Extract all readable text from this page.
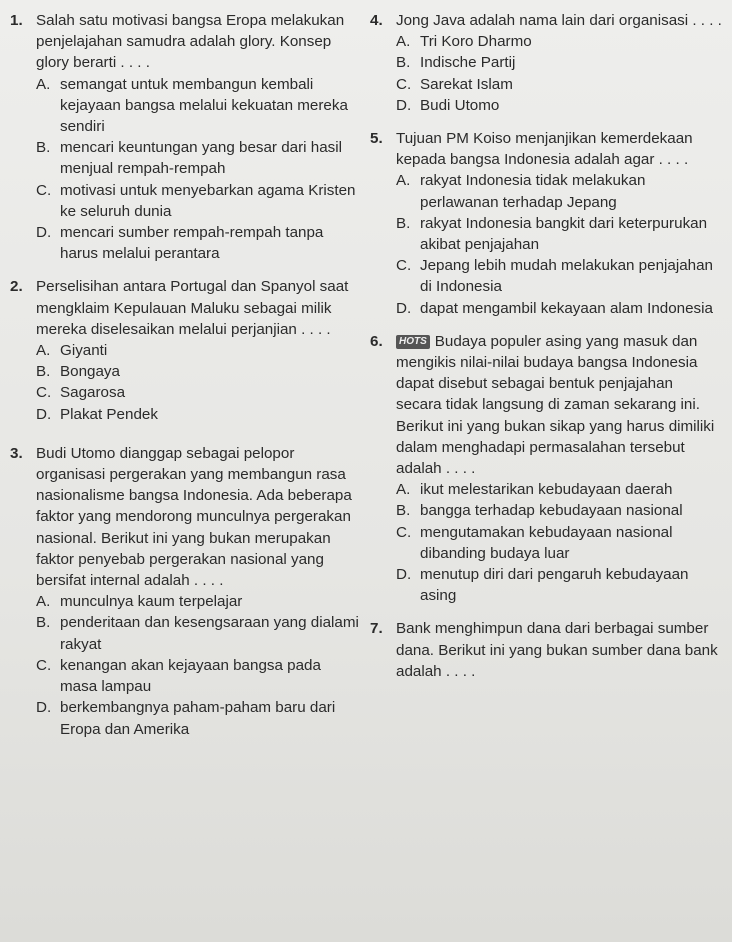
1. Salah satu motivasi bangsa Eropa melakukan penjelajahan samudra adalah glory. Konsep glory berarti . . . .
A. semangat untuk membangun kembali kejayaan bangsa melalui kekuatan mereka sendiri
B. mencari keuntungan yang besar dari hasil menjual rempah-rempah
C. motivasi untuk menyebarkan agama Kristen ke seluruh dunia
D. mencari sumber rempah-rempah tanpa harus melalui perantara
2. Perselisihan antara Portugal dan Spanyol saat mengklaim Kepulauan Maluku sebagai milik mereka diselesaikan melalui perjanjian . . . .
A. Giyanti
B. Bongaya
C. Sagarosa
D. Plakat Pendek
3. Budi Utomo dianggap sebagai pelopor organisasi pergerakan yang membangun rasa nasionalisme bangsa Indonesia. Ada beberapa faktor yang mendorong munculnya pergerakan nasional. Berikut ini yang bukan merupakan faktor penyebab pergerakan nasional yang bersifat internal adalah . . . .
A. munculnya kaum terpelajar
B. penderitaan dan kesengsaraan yang dialami rakyat
C. kenangan akan kejayaan bangsa pada masa lampau
D. berkembangnya paham-paham baru dari Eropa dan Amerika
4. Jong Java adalah nama lain dari organisasi . . . .
A. Tri Koro Dharmo
B. Indische Partij
C. Sarekat Islam
D. Budi Utomo
5. Tujuan PM Koiso menjanjikan kemerdekaan kepada bangsa Indonesia adalah agar . . . .
A. rakyat Indonesia tidak melakukan perlawanan terhadap Jepang
B. rakyat Indonesia bangkit dari keterpurukan akibat penjajahan
C. Jepang lebih mudah melakukan penjajahan di Indonesia
D. dapat mengambil kekayaan alam Indonesia
6.	HOTS Budaya populer asing yang masuk dan mengikis nilai-nilai budaya bangsa Indonesia dapat disebut sebagai bentuk penjajahan secara tidak langsung di zaman sekarang ini. Berikut ini yang bukan sikap yang harus dimiliki dalam menghadapi permasalahan tersebut adalah . . . .
A. ikut melestarikan kebudayaan daerah
B. bangga terhadap kebudayaan nasional
C. mengutamakan kebudayaan nasional dibanding budaya luar
D. menutup diri dari pengaruh kebudayaan asing
7. Bank menghimpun dana dari berbagai sumber dana. Berikut ini yang bukan sumber dana bank adalah . . . .
